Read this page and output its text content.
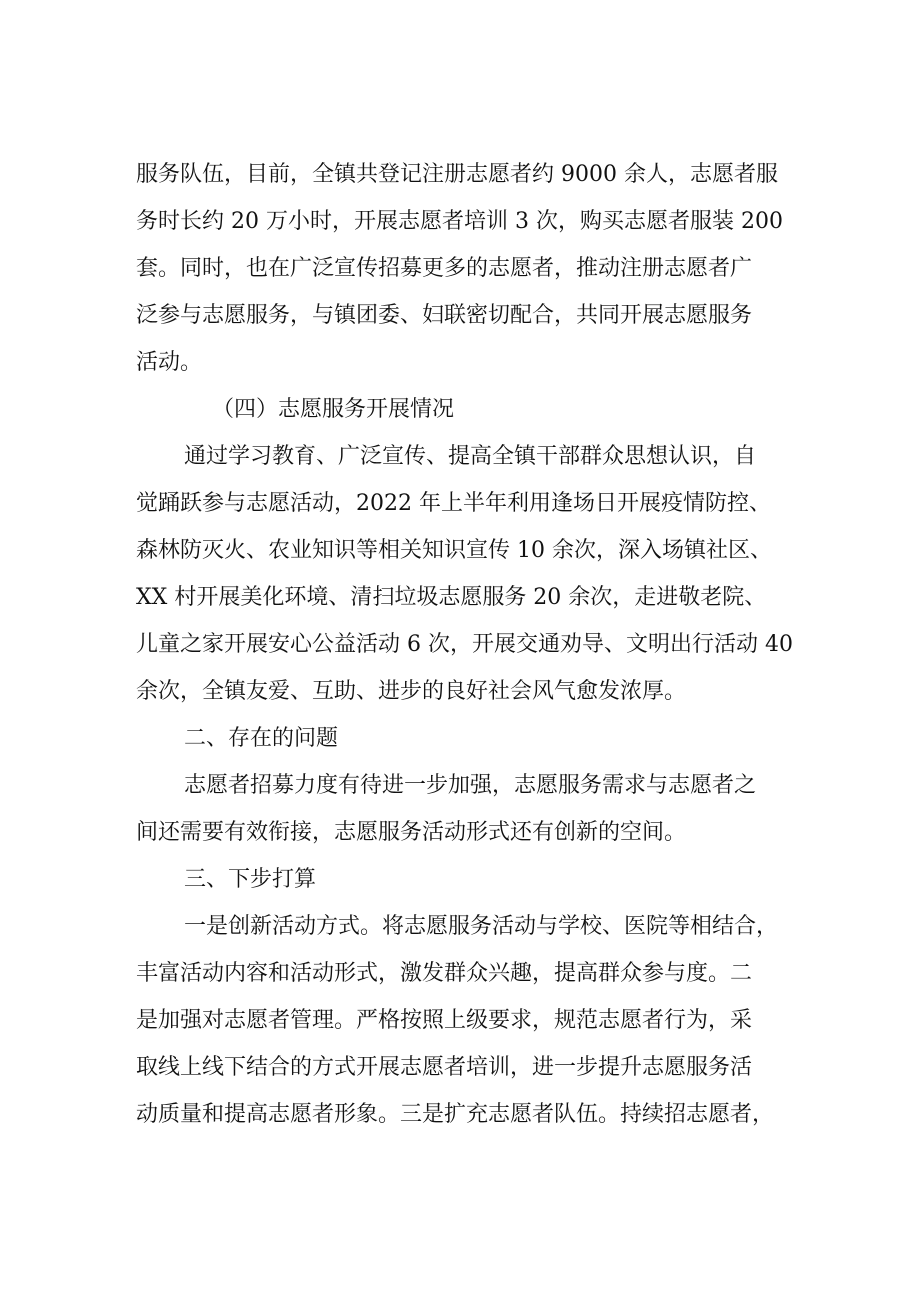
服务队伍，目前，全镇共登记注册志愿者约 9000 余人，志愿者服
务时长约 20 万小时，开展志愿者培训 3 次，购买志愿者服装 200
套。同时，也在广泛宣传招募更多的志愿者，推动注册志愿者广
泛参与志愿服务，与镇团委、妇联密切配合，共同开展志愿服务
活动。
（四）志愿服务开展情况
通过学习教育、广泛宣传、提高全镇干部群众思想认识，自
觉踊跃参与志愿活动，2022 年上半年利用逢场日开展疫情防控、
森林防灭火、农业知识等相关知识宣传 10 余次，深入场镇社区、
XX 村开展美化环境、清扫垃圾志愿服务 20 余次，走进敬老院、
儿童之家开展安心公益活动 6 次，开展交通劝导、文明出行活动 40
余次，全镇友爱、互助、进步的良好社会风气愈发浓厚。
二、存在的问题
志愿者招募力度有待进一步加强，志愿服务需求与志愿者之
间还需要有效衔接，志愿服务活动形式还有创新的空间。
三、下步打算
一是创新活动方式。将志愿服务活动与学校、医院等相结合，
丰富活动内容和活动形式，激发群众兴趣，提高群众参与度。二
是加强对志愿者管理。严格按照上级要求，规范志愿者行为，采
取线上线下结合的方式开展志愿者培训，进一步提升志愿服务活
动质量和提高志愿者形象。三是扩充志愿者队伍。持续招志愿者，
